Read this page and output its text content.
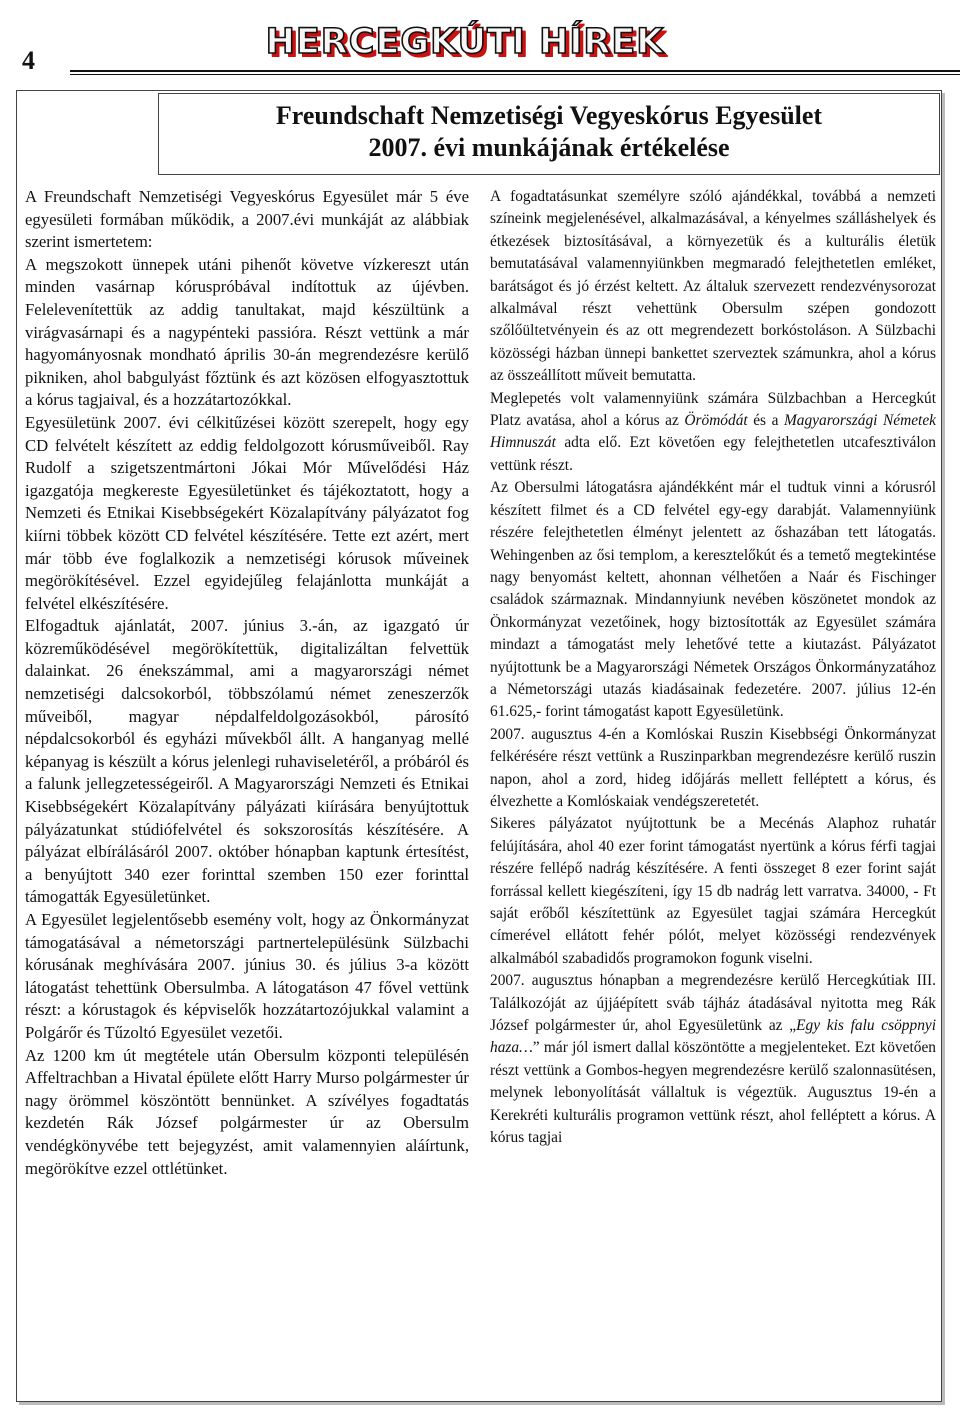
4	HERCEGKÚTI HÍREK
Freundschaft Nemzetiségi Vegyeskórus Egyesület
2007. évi munkájának értékelése

A Freundschaft Nemzetiségi Vegyeskórus Egyesület már 5 éve egyesületi formában működik, a 2007.évi munkáját az alábbiak szerint ismertetem:

A megszokott ünnepek utáni pihenőt követve vízkereszt után minden vasárnap kóruspróbával indítottuk az újévben. Felelevenítettük az addig tanultakat, majd készültünk a virágvasárnapi és a nagypénteki passióra. Részt vettünk a már hagyományosnak mondható április 30-án megrendezésre kerülő pikniken, ahol babgulyást főztünk és azt közösen elfogyasztottuk a kórus tagjaival, és a hozzátartozókkal.

Egyesületünk 2007. évi célkitűzései között szerepelt, hogy egy CD felvételt készített az eddig feldolgozott kórusműveiből. Ray Rudolf a szigetszentmártoni Jókai Mór Művelődési Ház igazgatója megkereste Egyesületünket és tájékoztatott, hogy a Nemzeti és Etnikai Kisebbségekért Közalapítvány pályázatot fog kiírni többek között CD felvétel készítésére. Tette ezt azért, mert már több éve foglalkozik a nemzetiségi kórusok műveinek megörökítésével. Ezzel egyidejűleg felajánlotta munkáját a felvétel elkészítésére.

Elfogadtuk ajánlatát, 2007. június 3.-án, az igazgató úr közreműködésével megörökítettük, digitalizáltan felvettük dalainkat. 26 énekszámmal, ami a magyarországi német nemzetiségi dalcsokorból, többszólamú német zeneszerzők műveiből, magyar népdalfeldolgozásokból, párosító népdalcsokorból és egyházi művekből állt. A hanganyag mellé képanyag is készült a kórus jelenlegi ruhaviseletéről, a próbáról és a falunk jellegzetességeiről. A Magyarországi Nemzeti és Etnikai Kisebbségekért Közalapítvány pályázati kiírására benyújtottuk pályázatunkat stúdiófelvétel és sokszorosítás készítésére. A pályázat elbírálásáról 2007. október hónapban kaptunk értesítést, a benyújtott 340 ezer forinttal szemben 150 ezer forinttal támogatták Egyesületünket.

A Egyesület legjelentősebb esemény volt, hogy az Önkormányzat támogatásával a németországi partnertelepülésünk Sülzbachi kórusának meghívására 2007. június 30. és július 3-a között látogatást tehettünk Obersulmba. A látogatáson 47 fővel vettünk részt: a kórustagok és képviselők hozzátartozójukkal valamint a Polgárőr és Tűzoltó Egyesület vezetői.

Az 1200 km út megtétele után Obersulm központi településén Affeltrachban a Hivatal épülete előtt Harry Murso polgármester úr nagy örömmel köszöntött bennünket. A szívélyes fogadtatás kezdetén Rák József polgármester úr az Obersulm vendégkönyvébe tett bejegyzést, amit valamennyien aláírtunk, megörökítve ezzel ottlétünket.

A fogadtatásunkat személyre szóló ajándékkal, továbbá a nemzeti színeink megjelenésével, alkalmazásával, a kényelmes szálláshelyek és étkezések biztosításával, a környezetük és a kulturális életük bemutatásával valamennyiünkben megmaradó felejthetetlen emléket, barátságot és jó érzést keltett. Az általuk szervezett rendezvénysorozat alkalmával részt vehettünk Obersulm szépen gondozott szőlőültetvényein és az ott megrendezett borkóstoláson. A Sülzbachi közösségi házban ünnepi bankettet szerveztek számunkra, ahol a kórus az összeállított műveit bemutatta.

Meglepetés volt valamennyiünk számára Sülzbachban a Hercegkút Platz avatása, ahol a kórus az Örömódát és a Magyarországi Németek Himnuszát adta elő. Ezt követően egy felejthetetlen utcafesztiválon vettünk részt.

Az Obersulmi látogatásra ajándékként már el tudtuk vinni a kórusról készített filmet és a CD felvétel egy-egy darabját. Valamennyiünk részére felejthetetlen élményt jelentett az őshazában tett látogatás. Wehingenben az ősi templom, a keresztelőkút és a temető megtekintése nagy benyomást keltett, ahonnan vélhetően a Naár és Fischinger családok származnak. Mindannyiunk nevében köszönetet mondok az Önkormányzat vezetőinek, hogy biztosították az Egyesület számára mindazt a támogatást mely lehetővé tette a kiutazást. Pályázatot nyújtottunk be a Magyarországi Németek Országos Önkormányzatához a Németországi utazás kiadásainak fedezetére. 2007. július 12-én 61.625,- forint támogatást kapott Egyesületünk.

2007. augusztus 4-én a Komlóskai Ruszin Kisebbségi Önkormányzat felkérésére részt vettünk a Ruszinparkban megrendezésre kerülő ruszin napon, ahol a zord, hideg időjárás mellett felléptett a kórus, és élvezhette a Komlóskaiak vendégszeretetét.

Sikeres pályázatot nyújtottunk be a Mecénás Alaphoz ruhatár felújítására, ahol 40 ezer forint támogatást nyertünk a kórus férfi tagjai részére fellépő nadrág készítésére. A fenti összeget 8 ezer forint saját forrással kellett kiegészíteni, így 15 db nadrág lett varratva. 34000, - Ft saját erőből készítettünk az Egyesület tagjai számára Hercegkút címerével ellátott fehér pólót, melyet közösségi rendezvények alkalmából szabadidős programokon fogunk viselni.

2007. augusztus hónapban a megrendezésre kerülő Hercegkútiak III. Találkozóját az újjáépített sváb tájház átadásával nyitotta meg Rák József polgármester úr, ahol Egyesületünk az „Egy kis falu csöppnyi haza…” már jól ismert dallal köszöntötte a megjelenteket. Ezt követően részt vettünk a Gombos-hegyen megrendezésre kerülő szalonnasütésen, melynek lebonyolítását vállaltuk is végeztük. Augusztus 19-én a Kerekréti kulturális programon vettünk részt, ahol felléptett a kórus. A kórus tagjai
